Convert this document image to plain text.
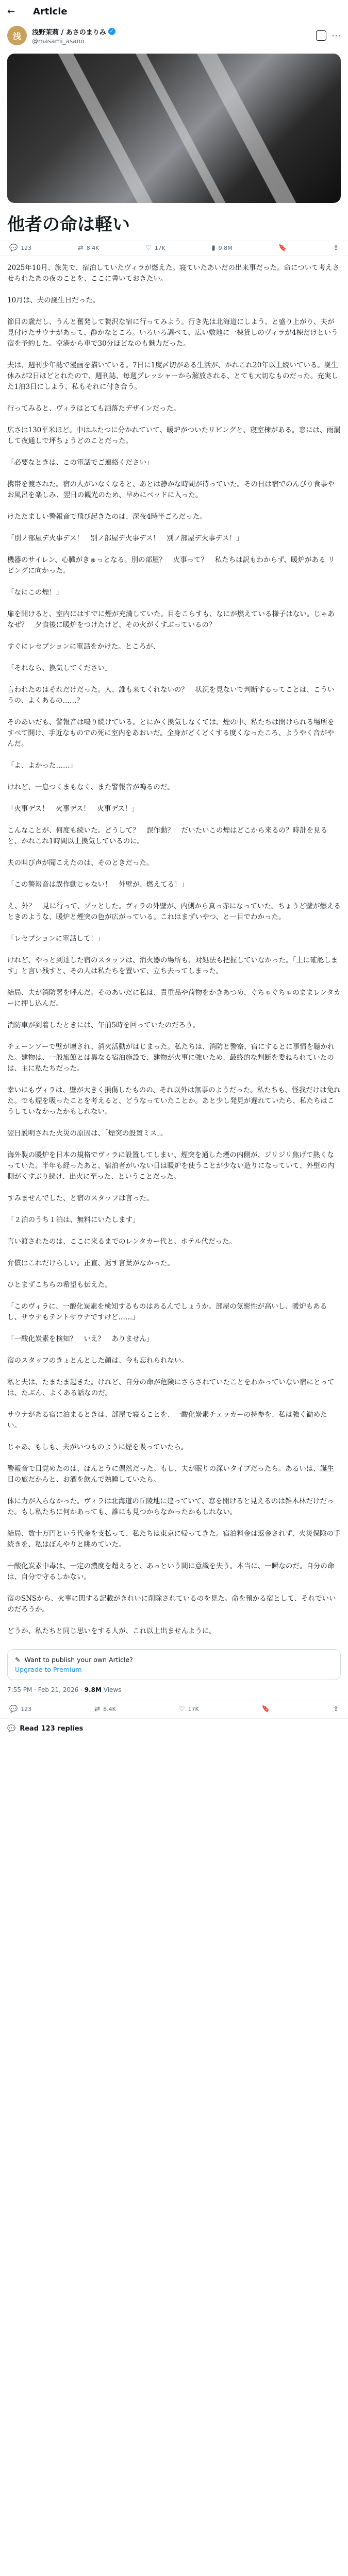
←	Article
浅	浅野茉莉 / あさのまりみ ✓
@masami_asano	⋯
他者の命は軽い
💬 123	⇄ 8.4K	♡ 17K	▮ 9.8M	🔖	⇪

2025年10月、旅先で、宿泊していたヴィラが燃えた。寝ていたあいだの出来事だった。命について考えさせられたあの夜のことを、ここに書いておきたい。

10月は、夫の誕生日だった。

節目の歳だし、うんと奮発して贅沢な宿に行ってみよう。行き先は北海道にしよう、と盛り上がり、夫が見付けたサウナがあって、静かなところ。いろいろ調べて、広い敷地に一棟貸しのヴィラが4棟だけという宿を予約した。空港から車で30分ほどなのも魅力だった。

夫は、週刊少年誌で漫画を描いている。7日に1度〆切がある生活が、かれこれ20年以上続いている。誕生休みが2日ほどとれたので、週刊誌、毎週プレッシャーから解放される、とても大切なものだった。充実した1泊3日にしよう、私もそれに付き合う。

行ってみると、ヴィラはとても洒落たデザインだった。

広さは130平米ほど。中はふたつに分かれていて、暖炉がついたリビングと、寝室棟がある。窓には、雨漏して夜通しで坪ちょうどのことだった。

「必要なときは、この電話でご連絡ください」

携帯を渡された。宿の人がいなくなると、あとは静かな時間が待っていた。その日は宿でのんびり食事やお風呂を楽しみ、翌日の観光のため、早めにベッドに入った。

けたたましい警報音で飛び起きたのは、深夜4時半ごろだった。

「別ノ部屋デ火事デス！　別ノ部屋デ火事デス！　別ノ部屋デ火事デス！」

機器のサイレン、心臓がきゅっとなる。別の部屋？　火事って？　私たちは訳もわからず、暖炉がある リビングに向かった。

「なにこの煙！」

扉を開けると、室内にはすでに煙が充満していた。目をこらすも、なにが燃えている様子はない。じゃあなぜ？　夕食後に暖炉をつけたけど、その火がくすぶっているの？

すぐにレセプションに電話をかけた。ところが、

「それなら、換気してください」

言われたのはそれだけだった。人、誰も来てくれないの？　状況を見ないで判断するってことは、こういうの、よくあるの……？

そのあいだも、警報音は鳴り続けている。とにかく換気しなくては。煙の中、私たちは開けられる場所をすべて開け、手近なものでの死に室内をあおいだ。全身がどくどくする度くなったころ、ようやく音がやんだ。

「よ、よかった……」

けれど、一息つくまもなく、また警報音が鳴るのだ。

「火事デス！　火事デス！　火事デス！」

こんなことが、何度も続いた。どうして？　誤作動？　だいたいこの煙はどこから来るの？時計を見ると、かれこれ1時間以上換気しているのに。

夫の叫び声が聞こえたのは、そのときだった。

「この警報音は誤作動じゃない！　外壁が、燃えてる！」

え、外？　見に行って、ゾッとした。ヴィラの外壁が、内側から真っ赤になっていた。ちょうど壁が燃えるときのような、暖炉と煙突の色が広がっている。これはまずいやつ、と一目でわかった。

「レセプションに電話して！」

けれど、やっと到達した宿のスタッフは、消火器の場所も、対処法も把握していなかった。「上に確認します」と言い残すと、その人は私たちを置いて、立ち去ってしまった。

結局、夫が消防署を呼んだ。そのあいだに私は、貴重品や荷物をかきあつめ、ぐちゃぐちゃのままレンタカーに押し込んだ。

消防車が到着したときには、午前5時を回っていたのだろう。

チェーンソーで壁が壊され、消火活動がはじまった。私たちは、消防と警察、宿にするとに事情を聴かれた。建物は、一般旅館とは異なる宿泊施設で、建物が火事に強いため、最終的な判断を委ねられていたのは、主に私たちだった。

幸いにもヴィラは、壁が大きく損傷したものの、それ以外は無事のようだった。私たちも、怪我だけは免れた。でも煙を吸ったことを考えると、どうなっていたことか。あと少し発見が遅れていたら、私たちはこうしていなかったかもしれない。

翌日説明された火災の原因は、「煙突の設置ミス」。

海外製の暖炉を日本の規格でヴィラに設置してしまい、煙突を通した煙の内側が、ジリジリ焦げて熱くなっていた。半年も経ったあと、宿泊者がいない日は暖炉を使うことが少ない造りになっていて、外壁の内側がくすぶり続け、出火に至った、ということだった。

すみませんでした、と宿のスタッフは言った。

「２泊のうち１泊は、無料にいたします」

言い渡されたのは、ここに来るまでのレンタカー代と、ホテル代だった。

弁償はこれだけらしい。正直、返す言葉がなかった。

ひとまずこちらの希望も伝えた。

「このヴィラに、一酸化炭素を検知するものはあるんでしょうか。部屋の気密性が高いし、暖炉もあるし、サウナもテントサウナですけど……」

「一酸化炭素を検知？　いえ？　ありません」

宿のスタッフのきょとんとした顔は、今も忘れられない。

私と夫は、たまたま起きた。けれど、自分の命が危険にさらされていたことをわかっていない宿にとっては、たぶん、よくある話なのだ。

サウナがある宿に泊まるときは、部屋で寝ることを、一酸化炭素チェッカーの持参を、私は強く勧めたい。

じゃあ、もしも、夫がいつものように煙を吸っていたら。

警報音で目覚めたのは、ほんとうに偶然だった。もし、夫が眠りの深いタイプだったら。あるいは、誕生日の旅だからと、お酒を飲んで熟睡していたら。

体に力が入らなかった。ヴィラは北海道の丘陵地に建っていて、窓を開けると見えるのは雑木林だけだった。もし私たちに何かあっても、誰にも見つからなかったかもしれない。

結局、数十万円という代金を支払って、私たちは東京に帰ってきた。宿泊料金は返金されず、火災保険の手続きを、私はぼんやりと眺めていた。

一酸化炭素中毒は、一定の濃度を超えると、あっという間に意識を失う。本当に、一瞬なのだ。自分の命は、自分で守るしかない。

宿のSNSから、火事に関する記載がきれいに削除されているのを見た。命を預かる宿として、それでいいのだろうか。

どうか、私たちと同じ思いをする人が、これ以上出ませんように。

✎ Want to publish your own Article?
Upgrade to Premium
7:55 PM · Feb 21, 2026 · 9.8M Views
💬 123	⇄ 8.4K	♡ 17K	🔖	⇪
💬 Read 123 replies
